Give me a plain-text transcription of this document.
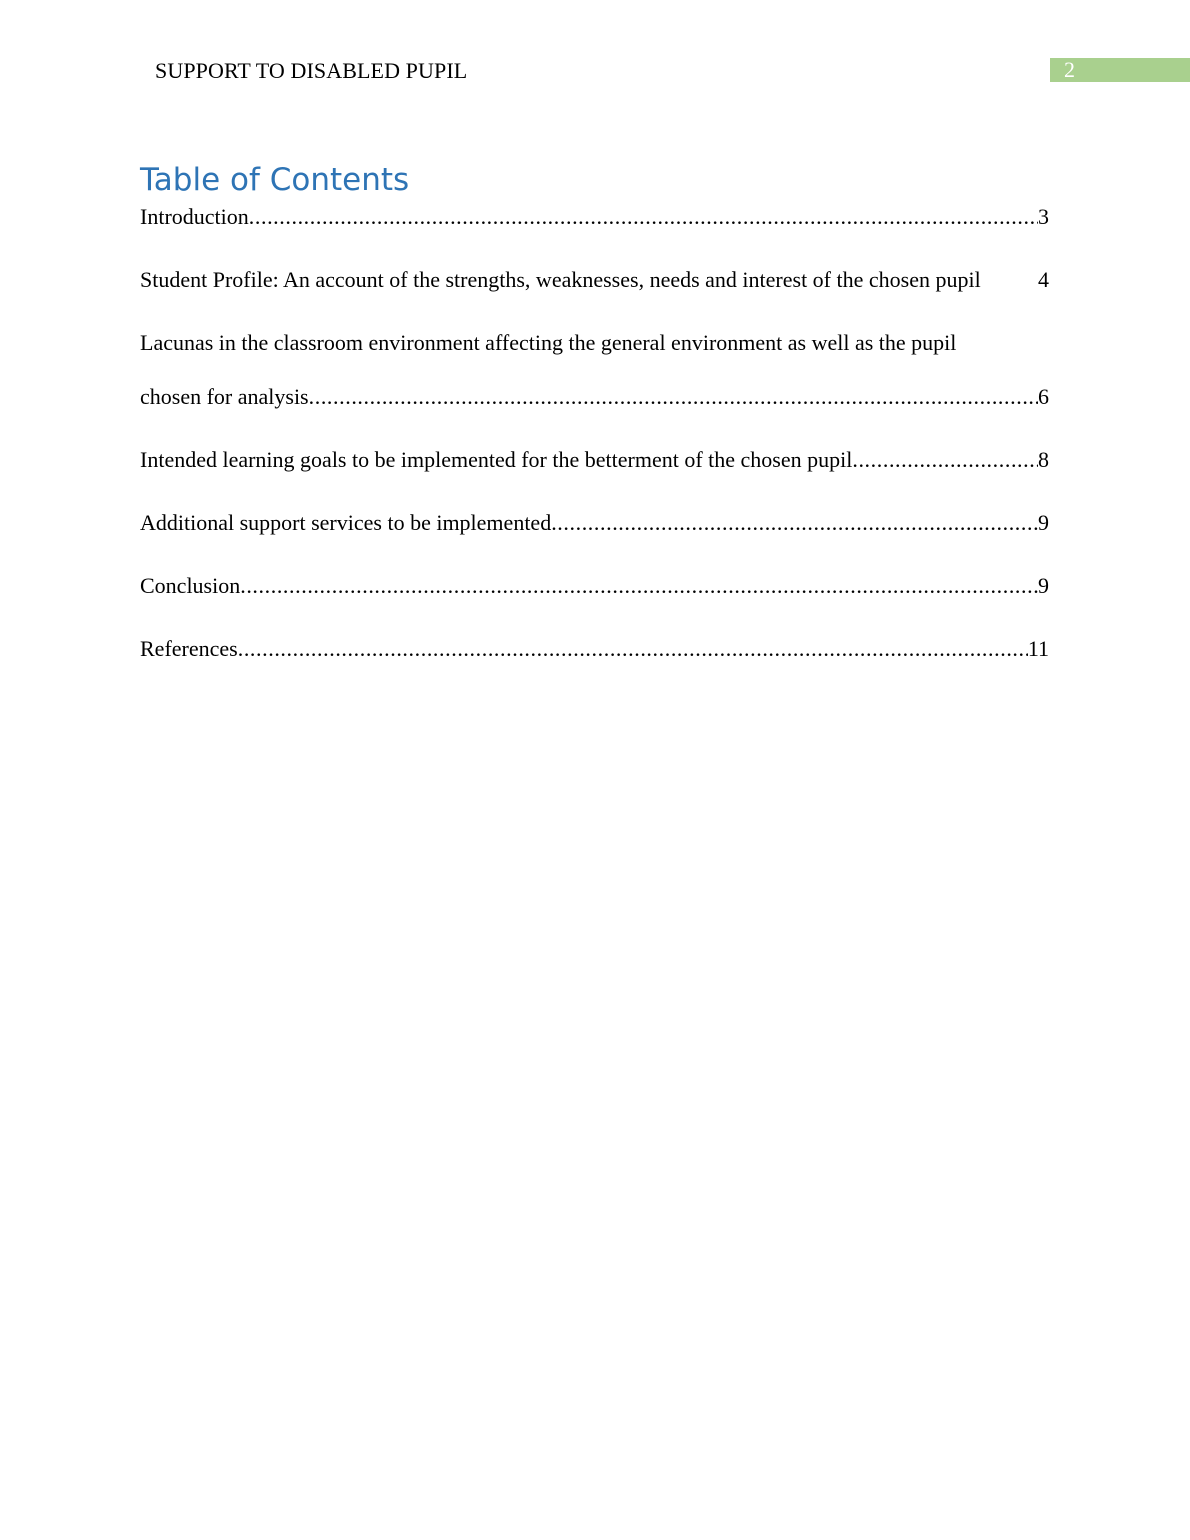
SUPPORT TO DISABLED PUPIL	2
Table of Contents
Introduction .....	3
Student Profile: An account of the strengths, weaknesses, needs and interest of the chosen pupil	4
Lacunas in the classroom environment affecting the general environment as well as the pupil
chosen for analysis .....	6
Intended learning goals to be implemented for the betterment of the chosen pupil .....	8
Additional support services to be implemented .....	9
Conclusion .....	9
References .....	11
